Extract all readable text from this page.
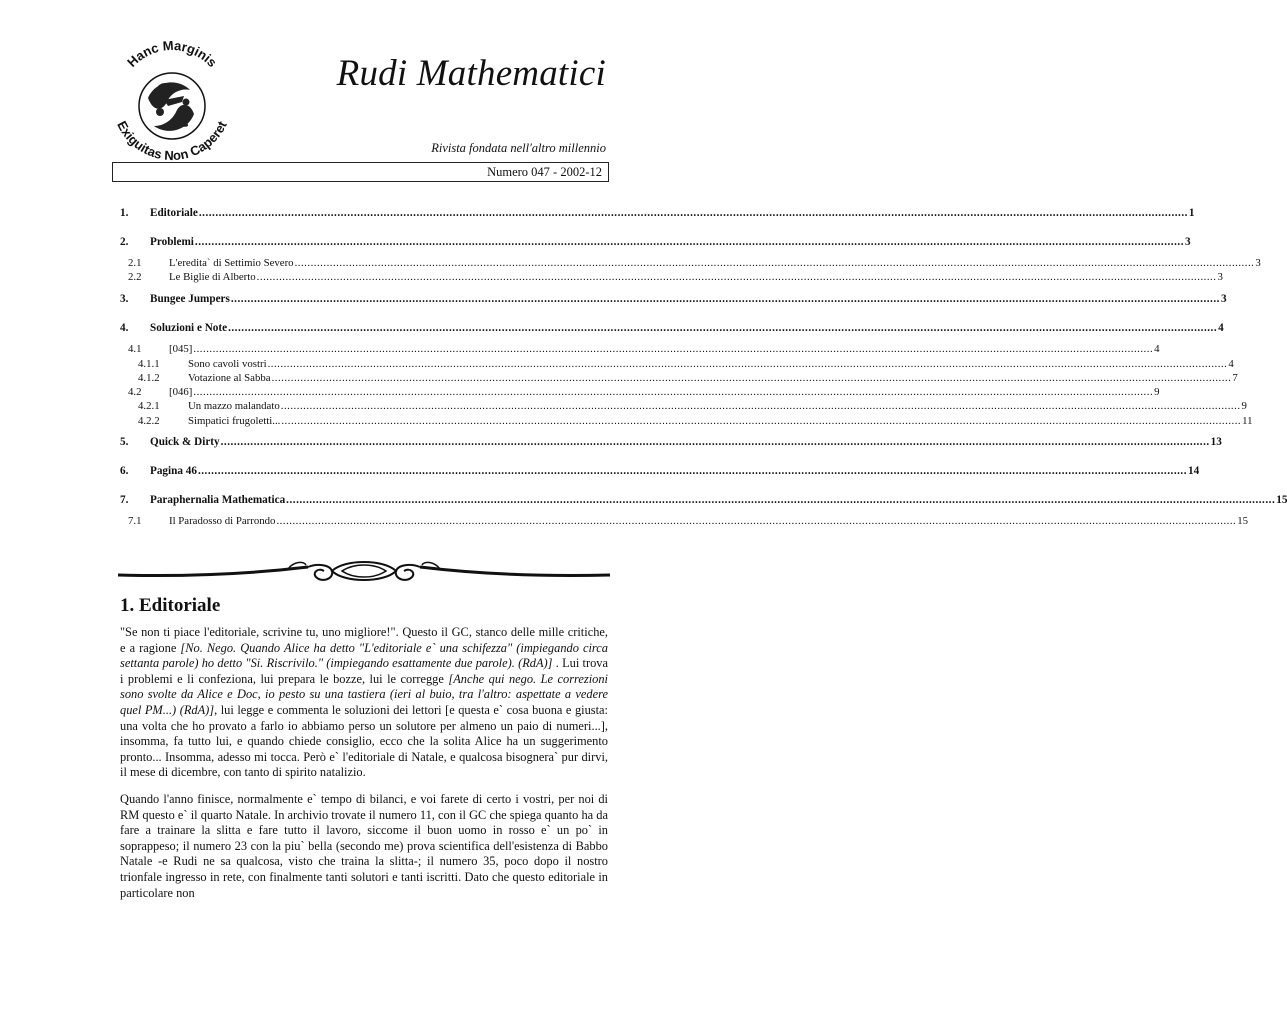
Hanc Marginis
Exiguitas Non Caperet
Rudi Mathematici
Rivista fondata nell'altro millennio
Numero 047 - 2002-12
1.	Editoriale ............................................................................................................................................................................................................................................................................................................ 1
2.	Problemi ............................................................................................................................................................................................................................................................................................................ 3
2.1	L'eredita` di Settimio Severo ............................................................................................................................................................................................................................................................................................................ 3
2.2	Le Biglie di Alberto ............................................................................................................................................................................................................................................................................................................ 3
3.	Bungee Jumpers ............................................................................................................................................................................................................................................................................................................ 3
4.	Soluzioni e Note ............................................................................................................................................................................................................................................................................................................ 4
4.1	[045] ............................................................................................................................................................................................................................................................................................................ 4
4.1.1	Sono cavoli vostri ............................................................................................................................................................................................................................................................................................................ 4
4.1.2	Votazione al Sabba ............................................................................................................................................................................................................................................................................................................ 7
4.2	[046] ............................................................................................................................................................................................................................................................................................................ 9
4.2.1	Un mazzo malandato ............................................................................................................................................................................................................................................................................................................ 9
4.2.2	Simpatici frugoletti... ............................................................................................................................................................................................................................................................................................................ 11
5.	Quick & Dirty ............................................................................................................................................................................................................................................................................................................ 13
6.	Pagina 46 ............................................................................................................................................................................................................................................................................................................ 14
7.	Paraphernalia Mathematica ............................................................................................................................................................................................................................................................................................................ 15
7.1	Il Paradosso di Parrondo ............................................................................................................................................................................................................................................................................................................ 15
1. Editoriale
"Se non ti piace l'editoriale, scrivine tu, uno migliore!". Questo il GC, stanco delle mille critiche, e a ragione [No. Nego. Quando Alice ha detto "L'editoriale e` una schifezza" (impiegando circa settanta parole) ho detto "Si. Riscrivilo." (impiegando esattamente due parole). (RdA)] . Lui trova i problemi e li confeziona, lui prepara le bozze, lui le corregge [Anche qui nego. Le correzioni sono svolte da Alice e Doc, io pesto su una tastiera (ieri al buio, tra l'altro: aspettate a vedere quel PM...) (RdA)], lui legge e commenta le soluzioni dei lettori [e questa e` cosa buona e giusta: una volta che ho provato a farlo io abbiamo perso un solutore per almeno un paio di numeri...], insomma, fa tutto lui, e quando chiede consiglio, ecco che la solita Alice ha un suggerimento pronto... Insomma, adesso mi tocca. Però e` l'editoriale di Natale, e qualcosa bisognera` pur dirvi, il mese di dicembre, con tanto di spirito natalizio.
Quando l'anno finisce, normalmente e` tempo di bilanci, e voi farete di certo i vostri, per noi di RM questo e` il quarto Natale. In archivio trovate il numero 11, con il GC che spiega quanto ha da fare a trainare la slitta e fare tutto il lavoro, siccome il buon uomo in rosso e` un po` in soprappeso; il numero 23 con la piu` bella (secondo me) prova scientifica dell'esistenza di Babbo Natale -e Rudi ne sa qualcosa, visto che traina la slitta-; il numero 35, poco dopo il nostro trionfale ingresso in rete, con finalmente tanti solutori e tanti iscritti. Dato che questo editoriale in particolare non
